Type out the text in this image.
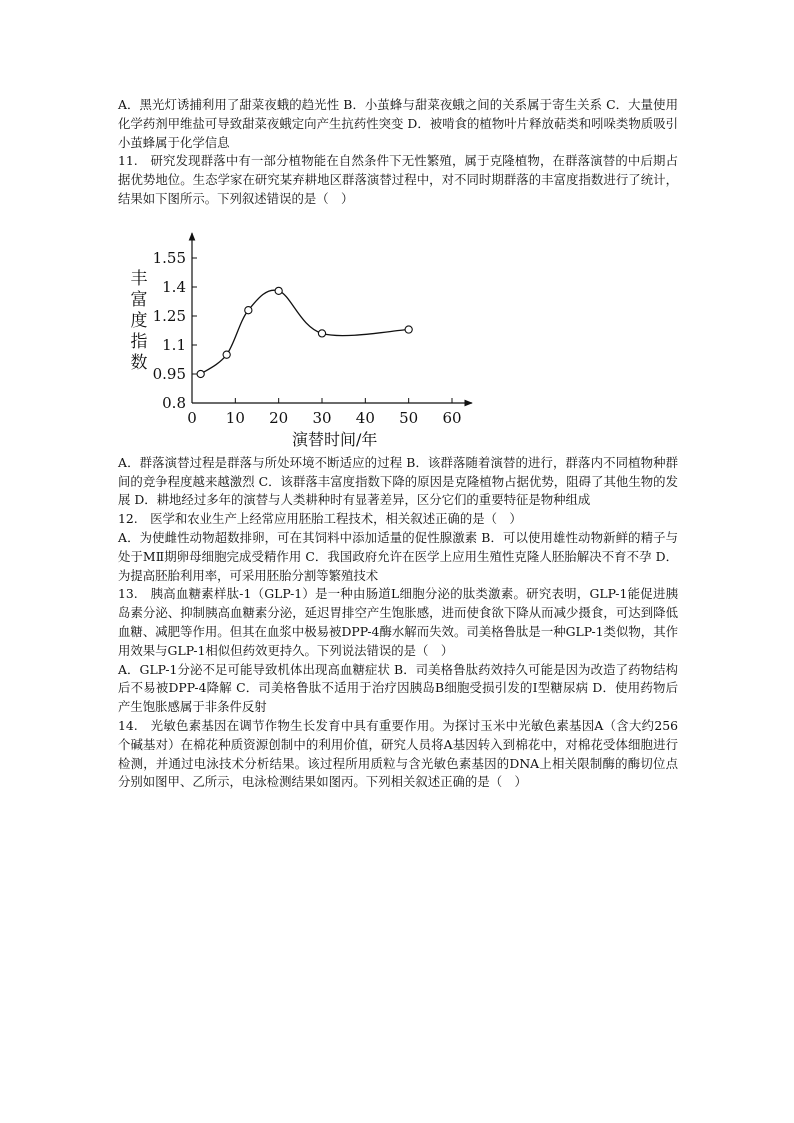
A．黑光灯诱捕利用了甜菜夜蛾的趋光性 B．小茧蜂与甜菜夜蛾之间的关系属于寄生关系 C．大量使用化学药剂甲维盐可导致甜菜夜蛾定向产生抗药性突变 D．被啃食的植物叶片释放萜类和吲哚类物质吸引小茧蜂属于化学信息

11.　研究发现群落中有一部分植物能在自然条件下无性繁殖，属于克隆植物，在群落演替的中后期占据优势地位。生态学家在研究某弃耕地区群落演替过程中，对不同时期群落的丰富度指数进行了统计，结果如下图所示。下列叙述错误的是（　）

丰
富
度
指
数
0 10 20 30 40 50 60
0.8
0.95
1.1
1.25
1.4
1.55
演替时间/年

A．群落演替过程是群落与所处环境不断适应的过程 B．该群落随着演替的进行，群落内不同植物种群间的竞争程度越来越激烈 C．该群落丰富度指数下降的原因是克隆植物占据优势，阻碍了其他生物的发展 D．耕地经过多年的演替与人类耕种时有显著差异，区分它们的重要特征是物种组成

12.　医学和农业生产上经常应用胚胎工程技术，相关叙述正确的是（　）

A．为使雌性动物超数排卵，可在其饲料中添加适量的促性腺激素 B．可以使用雄性动物新鲜的精子与处于MⅡ期卵母细胞完成受精作用 C．我国政府允许在医学上应用生殖性克隆人胚胎解决不育不孕 D．为提高胚胎利用率，可采用胚胎分割等繁殖技术

13.　胰高血糖素样肽-1（GLP-1）是一种由肠道L细胞分泌的肽类激素。研究表明，GLP-1能促进胰岛素分泌、抑制胰高血糖素分泌，延迟胃排空产生饱胀感，进而使食欲下降从而减少摄食，可达到降低血糖、减肥等作用。但其在血浆中极易被DPP-4酶水解而失效。司美格鲁肽是一种GLP-1类似物，其作用效果与GLP-1相似但药效更持久。下列说法错误的是（　）

A．GLP-1分泌不足可能导致机体出现高血糖症状 B．司美格鲁肽药效持久可能是因为改造了药物结构后不易被DPP-4降解 C．司美格鲁肽不适用于治疗因胰岛B细胞受损引发的Ⅰ型糖尿病 D．使用药物后产生饱胀感属于非条件反射

14.　光敏色素基因在调节作物生长发育中具有重要作用。为探讨玉米中光敏色素基因A（含大约256个碱基对）在棉花种质资源创制中的利用价值，研究人员将A基因转入到棉花中，对棉花受体细胞进行检测，并通过电泳技术分析结果。该过程所用质粒与含光敏色素基因的DNA上相关限制酶的酶切位点分别如图甲、乙所示，电泳检测结果如图丙。下列相关叙述正确的是（　）
